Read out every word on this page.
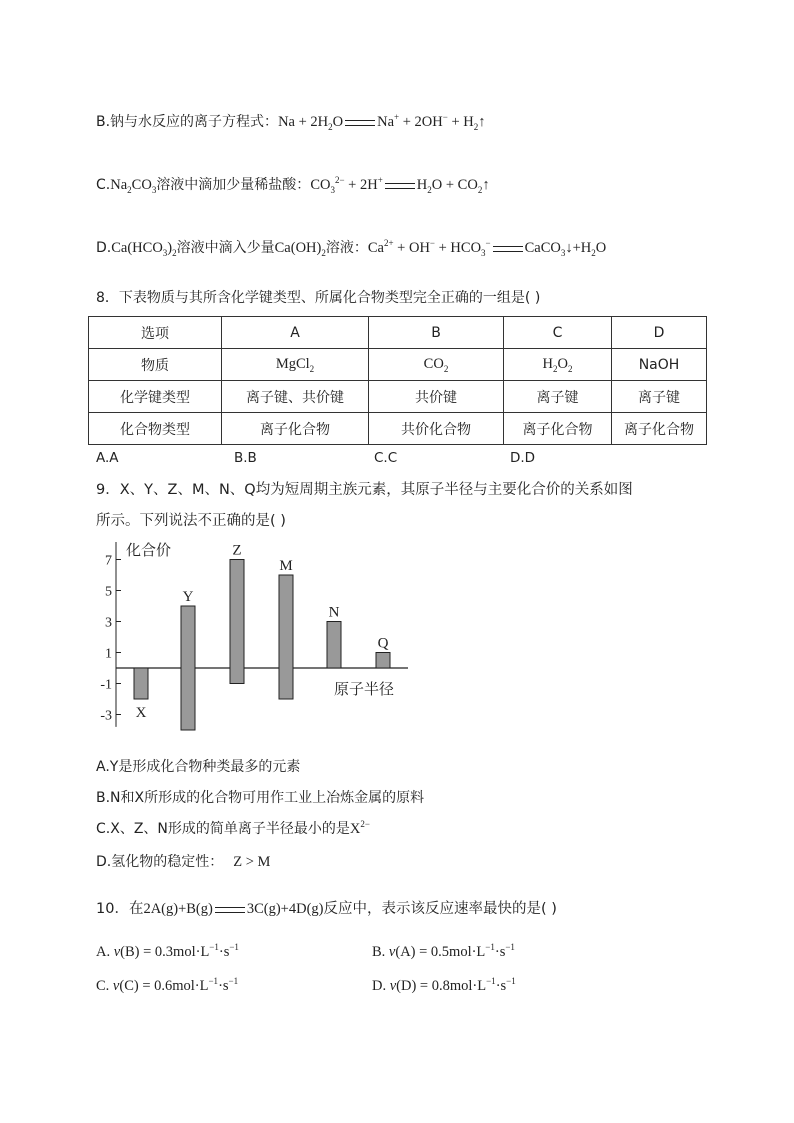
B.钠与水反应的离子方程式：$Na + 2H_2O$ $Na^+ + 2OH^- + H_2↑$
$C.Na_2CO_3$溶液中滴加少量稀盐酸：$CO_3^{2-} + 2H^+$ $H_2O$ + $CO_2↑$
$D.Ca(HCO_3)_2$溶液中滴入少量$Ca(OH)_2$溶液：$Ca^{2+} + OH^- + HCO_3^-$ $CaCO_3↓+H_2O$
8．下表物质与其所含化学键类型、所属化合物类型完全正确的一组是( )
选项	A	B	C	D
物质	MgCl$_2$	$CO_2$	$H_2O_2$	NaOH
化学键类型	离子键、共价键	共价键	离子键	离子键
化合物类型	离子化合物	共价化合物	离子化合物	离子化合物
A.A	B.B	C.C	D.D
9．X、Y、Z、M、N、Q均为短周期主族元素，其原子半径与主要化合价的关系如图
所示。下列说法不正确的是( )
7
5
3
1
-1
-3
化合价
原子半径
X
Y
Z
M
N
Q
A.Y是形成化合物种类最多的元素
B.N和X所形成的化合物可用作工业上冶炼金属的原料
C.X、Z、N形成的简单离子半径最小的是$X^{2-}$
D.氢化物的稳定性： Z > M
10．在2A(g)+B(g) 3C(g)+4D(g)反应中，表示该反应速率最快的是( )
A. $v(B) = 0.3mol\cdot L^{-1}\cdot s^{-1}$	B. $v(A) = 0.5mol\cdot L^{-1}\cdot s^{-1}$
C. $v(C) = 0.6mol\cdot L^{-1}\cdot s^{-1}$	D. $v(D) = 0.8mol\cdot L^{-1}\cdot s^{-1}$
